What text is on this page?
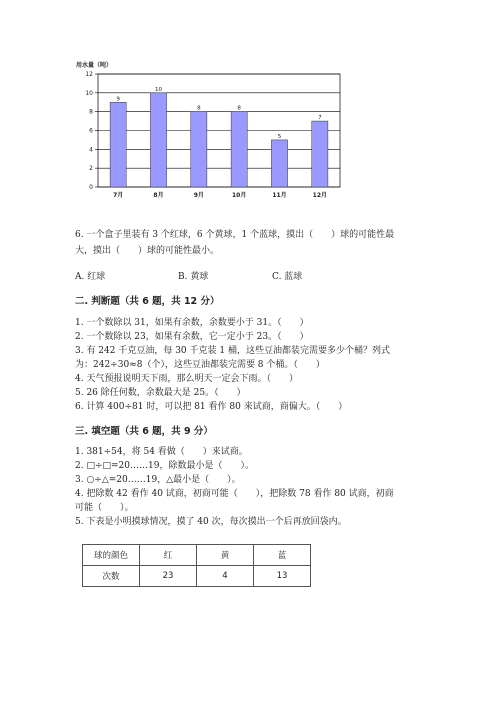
用水量（吨）
0
2
4
6
8
10
12
9
7月
10
8月
8
9月
8
10月
5
11月
7
12月
6. 一个盒子里装有 3 个红球，6 个黄球，1 个蓝球，摸出（　　）球的可能性最
大，摸出（　　）球的可能性最小。
A. 红球	B. 黄球	C. 蓝球
二. 判断题（共 6 题，共 12 分）
1. 一个数除以 31，如果有余数，余数要小于 31。（　　）
2. 一个数除以 23，如果有余数，它一定小于 23。（　　）
3. 有 242 千克豆油，每 30 千克装 1 桶，这些豆油都装完需要多少个桶？列式
为：242÷30≈8（个），这些豆油都装完需要 8 个桶。（　　）
4. 天气预报说明天下雨，那么明天一定会下雨。（　　）
5. 26 除任何数，余数最大是 25。（　　）
6. 计算 400÷81 时，可以把 81 看作 80 来试商，商偏大。（　　）
三. 填空题（共 6 题，共 9 分）
1. 381÷54，将 54 看做（　　）来试商。
2. □÷□=20……19，除数最小是（　　）。
3. ○÷△=20……19，△最小是（　　）。
4. 把除数 42 看作 40 试商，初商可能（　　），把除数 78 看作 80 试商，初商
可能（　　）。
5. 下表是小明摸球情况，摸了 40 次，每次摸出一个后再放回袋内。
球的颜色	红	黄	蓝
次数	23	4	13
